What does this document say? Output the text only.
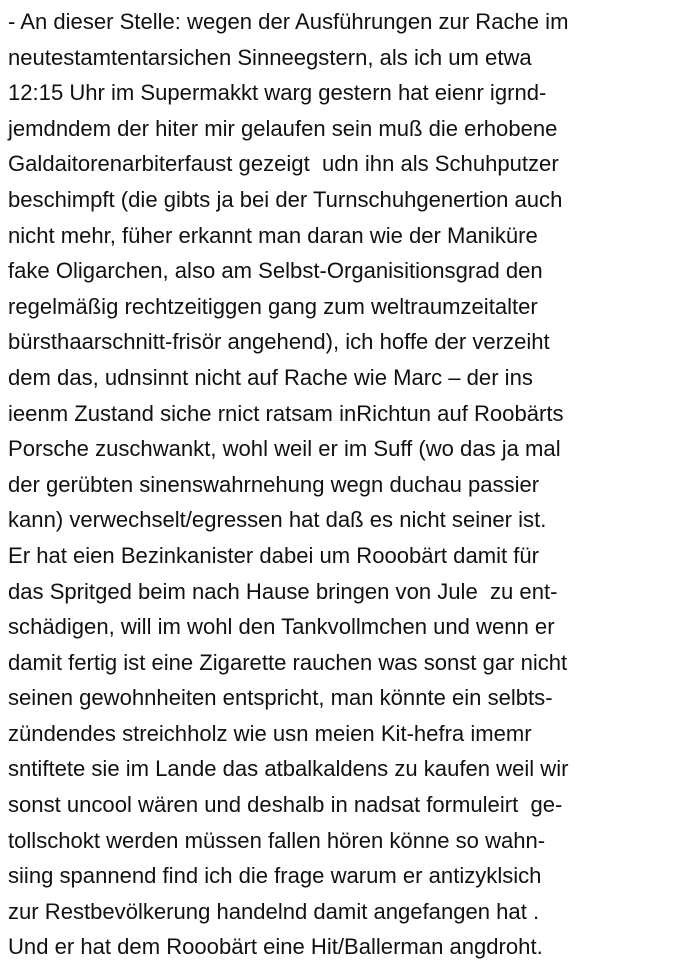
- An dieser Stelle: wegen der Ausführungen zur Rache im
neutestamtentarsichen Sinneegstern, als ich um etwa
12:15 Uhr im Supermakkt warg gestern hat eienr igrnd-
jemdndem der hiter mir gelaufen sein muß die erhobene
Galdaitorenarbiterfaust gezeigt  udn ihn als Schuhputzer
beschimpft (die gibts ja bei der Turnschuhgenertion auch
nicht mehr, füher erkannt man daran wie der Maniküre
fake Oligarchen, also am Selbst-Organisitionsgrad den
regelmäßig rechtzeitiggen gang zum weltraumzeitalter
bürsthaarschnitt-frisör angehend), ich hoffe der verzeiht
dem das, udnsinnt nicht auf Rache wie Marc – der ins
ieenm Zustand siche rnict ratsam inRichtun auf Roobärts
Porsche zuschwankt, wohl weil er im Suff (wo das ja mal
der gerübten sinenswahrnehung wegn duchau passier
kann) verwechselt/egressen hat daß es nicht seiner ist.
Er hat eien Bezinkanister dabei um Rooobärt damit für
das Spritged beim nach Hause bringen von Jule  zu ent-
schädigen, will im wohl den Tankvollmchen und wenn er
damit fertig ist eine Zigarette rauchen was sonst gar nicht
seinen gewohnheiten entspricht, man könnte ein selbts-
zündendes streichholz wie usn meien Kit-hefra imemr
sntiftete sie im Lande das atbalkaldens zu kaufen weil wir
sonst uncool wären und deshalb in nadsat formuleirt  ge-
tollschokt werden müssen fallen hören könne so wahn-
siing spannend find ich die frage warum er antizyklsich
zur Restbevölkerung handelnd damit angefangen hat .
Und er hat dem Rooobärt eine Hit/Ballerman angdroht.
